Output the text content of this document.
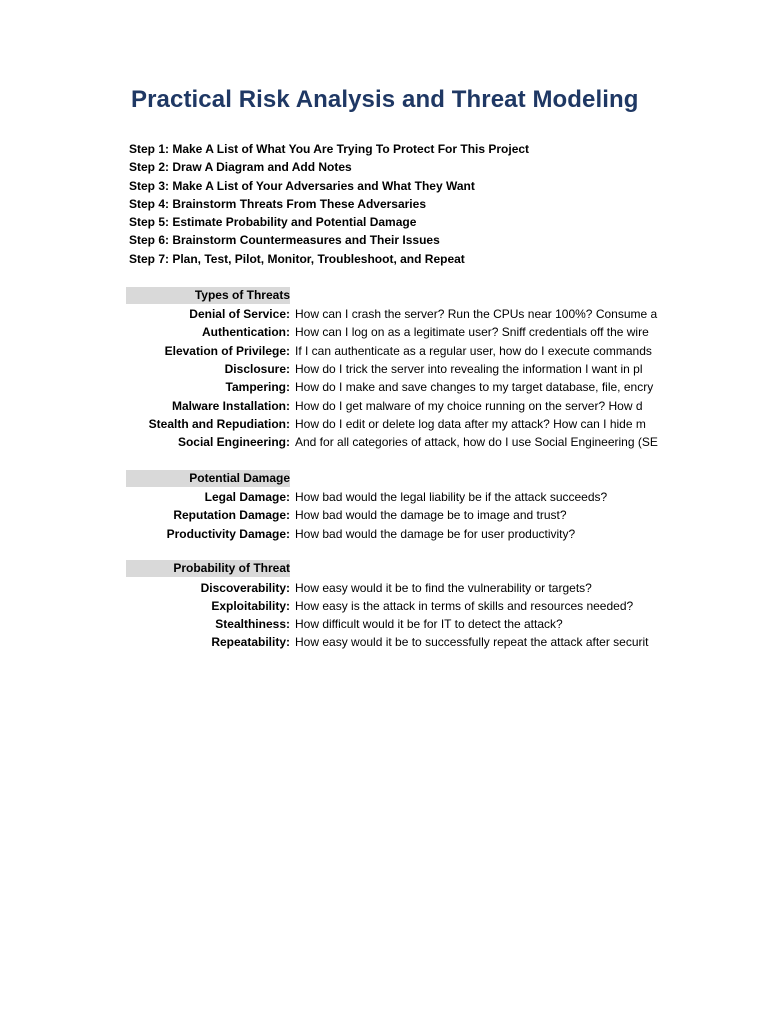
Practical Risk Analysis and Threat Modeling
Step 1: Make A List of What You Are Trying To Protect For This Project
Step 2: Draw A Diagram and Add Notes
Step 3: Make A List of Your Adversaries and What They Want
Step 4: Brainstorm Threats From These Adversaries
Step 5: Estimate Probability and Potential Damage
Step 6: Brainstorm Countermeasures and Their Issues
Step 7: Plan, Test, Pilot, Monitor, Troubleshoot, and Repeat
Types of Threats
Denial of Service: How can I crash the server? Run the CPUs near 100%? Consume a
Authentication: How can I log on as a legitimate user? Sniff credentials off the wire
Elevation of Privilege: If I can authenticate as a regular user, how do I execute commands
Disclosure: How do I trick the server into revealing the information I want in pl
Tampering: How do I make and save changes to my target database, file, encry
Malware Installation: How do I get malware of my choice running on the server? How d
Stealth and Repudiation: How do I edit or delete log data after my attack? How can I hide m
Social Engineering: And for all categories of attack, how do I use Social Engineering (SE
Potential Damage
Legal Damage: How bad would the legal liability be if the attack succeeds?
Reputation Damage: How bad would the damage be to image and trust?
Productivity Damage: How bad would the damage be for user productivity?
Probability of Threat
Discoverability: How easy would it be to find the vulnerability or targets?
Exploitability: How easy is the attack in terms of skills and resources needed?
Stealthiness: How difficult would it be for IT to detect the attack?
Repeatability: How easy would it be to successfully repeat the attack after securit
